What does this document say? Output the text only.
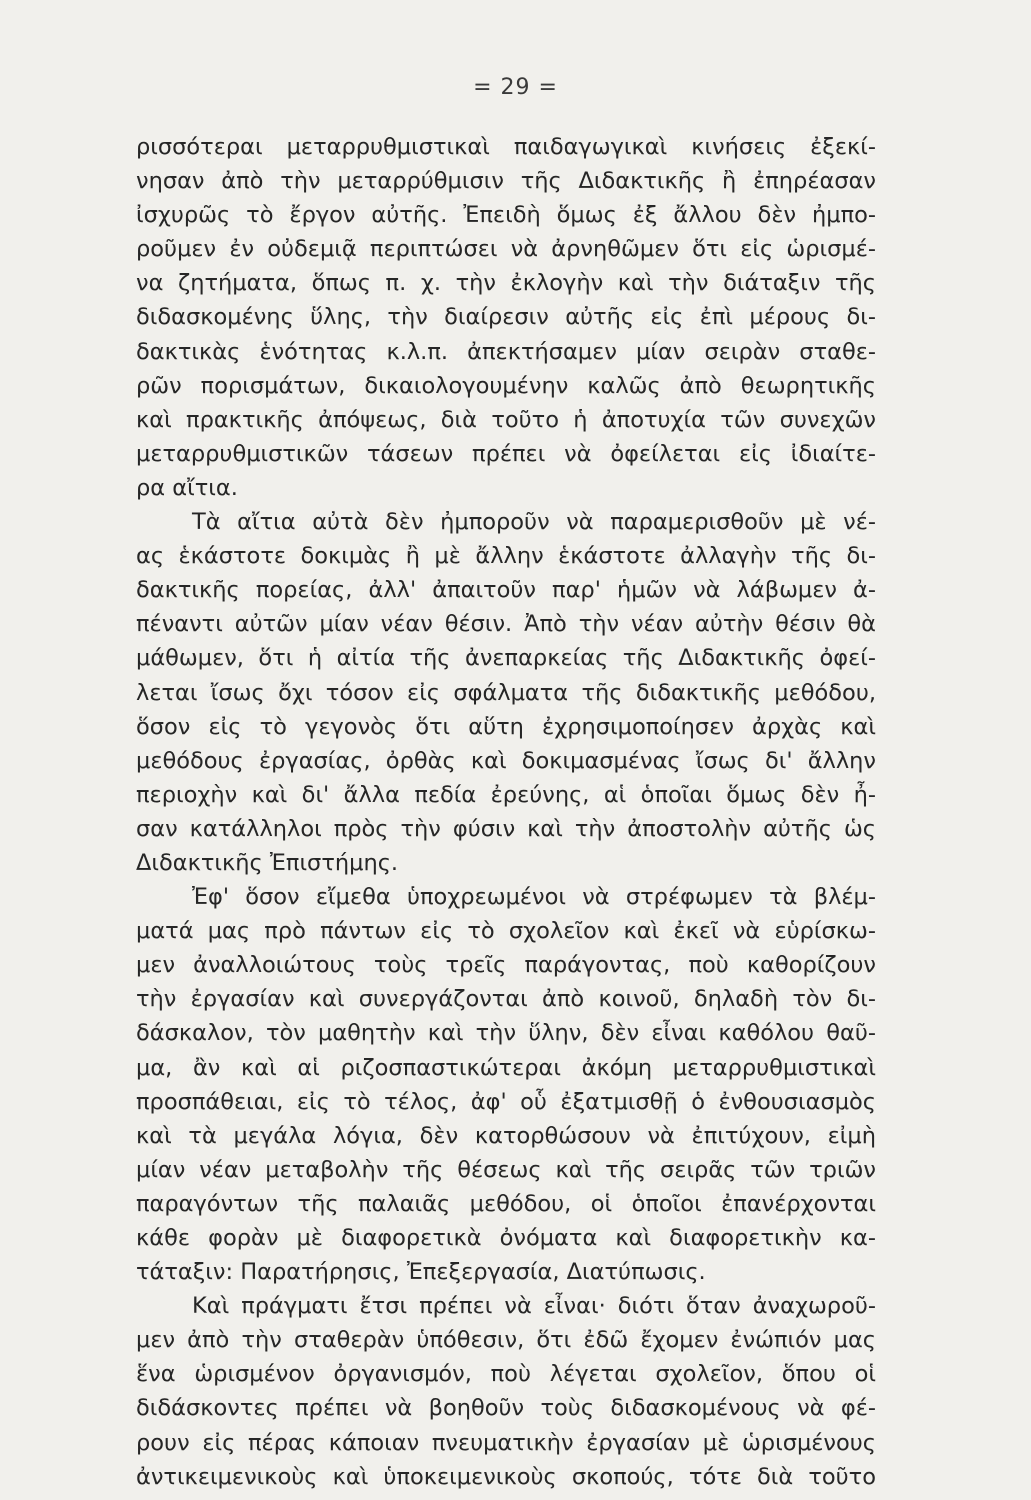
= 29 =
ρισσότεραι μεταρρυθμιστικαὶ παιδαγωγικαὶ κινήσεις ἐξεκί-
νησαν ἀπὸ τὴν μεταρρύθμισιν τῆς Διδακτικῆς ἢ ἐπηρέασαν
ἰσχυρῶς τὸ ἔργον αὐτῆς. Ἐπειδὴ ὅμως ἐξ ἄλλου δὲν ἠμπο-
ροῦμεν ἐν οὐδεμιᾷ περιπτώσει νὰ ἀρνηθῶμεν ὅτι εἰς ὡρισμέ-
να ζητήματα, ὅπως π. χ. τὴν ἐκλογὴν καὶ τὴν διάταξιν τῆς
διδασκομένης ὕλης, τὴν διαίρεσιν αὐτῆς εἰς ἐπὶ μέρους δι-
δακτικὰς ἑνότητας κ.λ.π. ἀπεκτήσαμεν μίαν σειρὰν σταθε-
ρῶν πορισμάτων, δικαιολογουμένην καλῶς ἀπὸ θεωρητικῆς
καὶ πρακτικῆς ἀπόψεως, διὰ τοῦτο ἡ ἀποτυχία τῶν συνεχῶν
μεταρρυθμιστικῶν τάσεων πρέπει νὰ ὀφείλεται εἰς ἰδιαίτε-
ρα αἴτια.
Τὰ αἴτια αὐτὰ δὲν ἠμποροῦν νὰ παραμερισθοῦν μὲ νέ-
ας ἑκάστοτε δοκιμὰς ἢ μὲ ἄλλην ἑκάστοτε ἀλλαγὴν τῆς δι-
δακτικῆς πορείας, ἀλλ' ἀπαιτοῦν παρ' ἡμῶν νὰ λάβωμεν ἀ-
πέναντι αὐτῶν μίαν νέαν θέσιν. Ἀπὸ τὴν νέαν αὐτὴν θέσιν θὰ
μάθωμεν, ὅτι ἡ αἰτία τῆς ἀνεπαρκείας τῆς Διδακτικῆς ὀφεί-
λεται ἴσως ὄχι τόσον εἰς σφάλματα τῆς διδακτικῆς μεθόδου,
ὅσον εἰς τὸ γεγονὸς ὅτι αὕτη ἐχρησιμοποίησεν ἀρχὰς καὶ
μεθόδους ἐργασίας, ὀρθὰς καὶ δοκιμασμένας ἴσως δι' ἄλλην
περιοχὴν καὶ δι' ἄλλα πεδία ἐρεύνης, αἱ ὁποῖαι ὅμως δὲν ἦ-
σαν κατάλληλοι πρὸς τὴν φύσιν καὶ τὴν ἀποστολὴν αὐτῆς ὡς
Διδακτικῆς Ἐπιστήμης.
Ἐφ' ὅσον εἴμεθα ὑποχρεωμένοι νὰ στρέφωμεν τὰ βλέμ-
ματά μας πρὸ πάντων εἰς τὸ σχολεῖον καὶ ἐκεῖ νὰ εὑρίσκω-
μεν ἀναλλοιώτους τοὺς τρεῖς παράγοντας, ποὺ καθορίζουν
τὴν ἐργασίαν καὶ συνεργάζονται ἀπὸ κοινοῦ, δηλαδὴ τὸν δι-
δάσκαλον, τὸν μαθητὴν καὶ τὴν ὕλην, δὲν εἶναι καθόλου θαῦ-
μα, ἂν καὶ αἱ ριζοσπαστικώτεραι ἀκόμη μεταρρυθμιστικαὶ
προσπάθειαι, εἰς τὸ τέλος, ἀφ' οὗ ἐξατμισθῇ ὁ ἐνθουσιασμὸς
καὶ τὰ μεγάλα λόγια, δὲν κατορθώσουν νὰ ἐπιτύχουν, εἰμὴ
μίαν νέαν μεταβολὴν τῆς θέσεως καὶ τῆς σειρᾶς τῶν τριῶν
παραγόντων τῆς παλαιᾶς μεθόδου, οἱ ὁποῖοι ἐπανέρχονται
κάθε φορὰν μὲ διαφορετικὰ ὀνόματα καὶ διαφορετικὴν κα-
τάταξιν: Παρατήρησις, Ἐπεξεργασία, Διατύπωσις.
Καὶ πράγματι ἔτσι πρέπει νὰ εἶναι· διότι ὅταν ἀναχωροῦ-
μεν ἀπὸ τὴν σταθερὰν ὑπόθεσιν, ὅτι ἐδῶ ἔχομεν ἐνώπιόν μας
ἕνα ὡρισμένον ὀργανισμόν, ποὺ λέγεται σχολεῖον, ὅπου οἱ
διδάσκοντες πρέπει νὰ βοηθοῦν τοὺς διδασκομένους νὰ φέ-
ρουν εἰς πέρας κάποιαν πνευματικὴν ἐργασίαν μὲ ὡρισμένους
ἀντικειμενικοὺς καὶ ὑποκειμενικοὺς σκοπούς, τότε διὰ τοῦτο
